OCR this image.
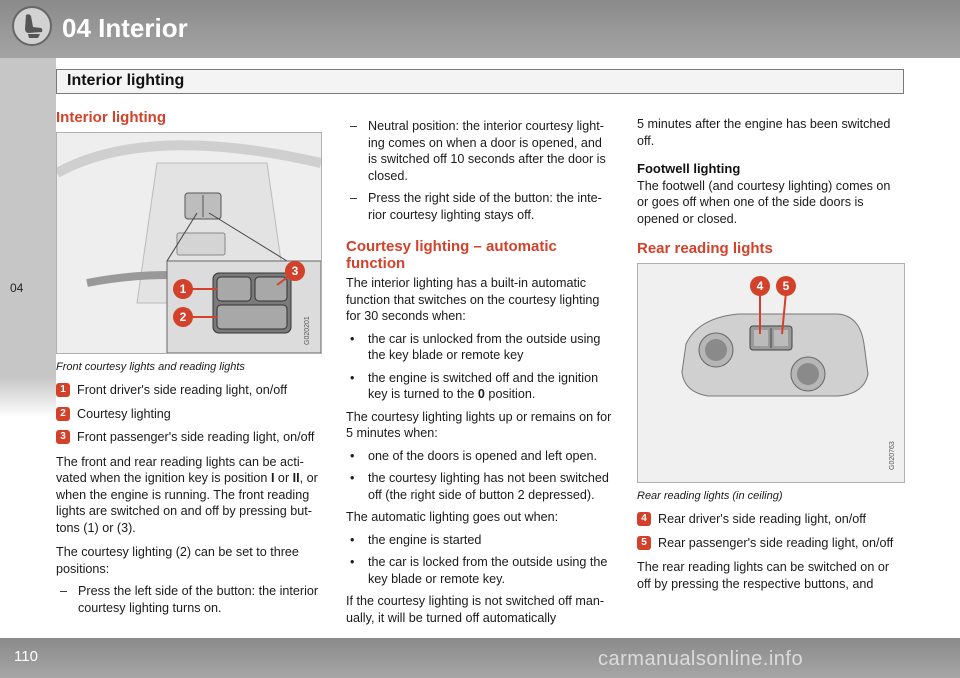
04 Interior
04
Interior lighting
Interior lighting
1
2
3
G020201
Front courtesy lights and reading lights
1 Front driver's side reading light, on/off
2 Courtesy lighting
3 Front passenger's side reading light, on/off

The front and rear reading lights can be acti-vated when the ignition key is position I or II, or when the engine is running. The front reading lights are switched on and off by pressing but-tons (1) or (3).

The courtesy lighting (2) can be set to three positions:

– Press the left side of the button: the interior courtesy lighting turns on.
– Neutral position: the interior courtesy light-ing comes on when a door is opened, and is switched off 10 seconds after the door is closed.
– Press the right side of the button: the inte-rior courtesy lighting stays off.
Courtesy lighting – automatic function

The interior lighting has a built-in automatic function that switches on the courtesy lighting for 30 seconds when:

• the car is unlocked from the outside using the key blade or remote key
• the engine is switched off and the ignition key is turned to the 0 position.

The courtesy lighting lights up or remains on for 5 minutes when:

• one of the doors is opened and left open.
• the courtesy lighting has not been switched off (the right side of button 2 depressed).

The automatic lighting goes out when:

• the engine is started
• the car is locked from the outside using the key blade or remote key.

If the courtesy lighting is not switched off man-ually, it will be turned off automatically

5 minutes after the engine has been switched off.

Footwell lighting

The footwell (and courtesy lighting) comes on or goes off when one of the side doors is opened or closed.

Rear reading lights
4 5
G020763
Rear reading lights (in ceiling)
4 Rear driver's side reading light, on/off
5 Rear passenger's side reading light, on/off

The rear reading lights can be switched on or off by pressing the respective buttons, and

110	carmanualsonline.info
